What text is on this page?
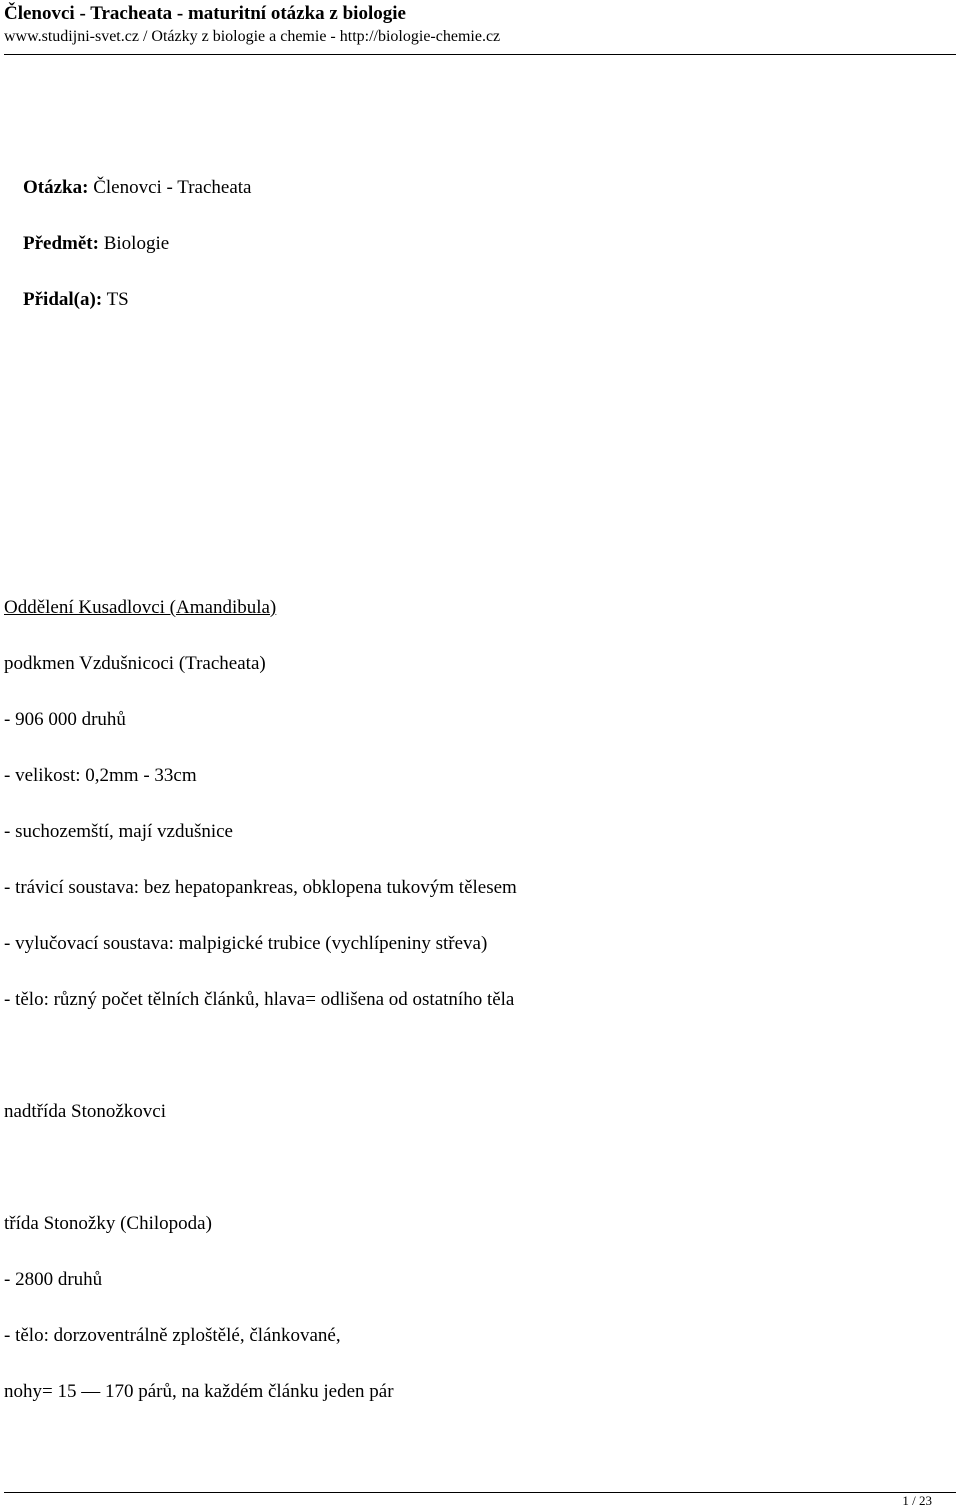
Členovci - Tracheata - maturitní otázka z biologie
www.studijni-svet.cz / Otázky z biologie a chemie - http://biologie-chemie.cz
Otázka: Členovci - Tracheata
Předmět: Biologie
Přidal(a): TS
Oddělení Kusadlovci (Amandibula)
podkmen Vzdušnicoci (Tracheata)
- 906 000 druhů
- velikost: 0,2mm - 33cm
- suchozemští, mají vzdušnice
- trávicí soustava: bez hepatopankreas, obklopena tukovým tělesem
- vylučovací soustava: malpigické trubice (vychlípeniny střeva)
- tělo: různý počet tělních článků, hlava= odlišena od ostatního těla
nadtřída Stonožkovci
třída Stonožky (Chilopoda)
- 2800 druhů
- tělo: dorzoventrálně zploštělé, článkované,
nohy= 15 — 170 párů, na každém článku jeden pár
1 / 23
